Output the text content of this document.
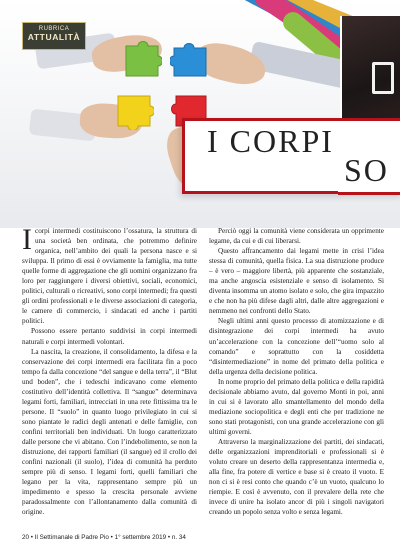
RUBRICA
ATTUALITÀ
I CORPI
SO

Icorpi intermedi costituiscono l’ossatura, la struttura di una società ben ordinata, che potremmo definire organica, nell’ambito dei quali la persona nasce e si sviluppa. Il primo di essi è ovviamente la famiglia, ma tutte quelle forme di aggregazione che gli uomini organizzano fra loro per raggiungere i diversi obiettivi, sociali, economici, politici, culturali o ricreativi, sono corpi intermedi; fra questi gli ordini professionali e le diverse associazioni di categoria, le camere di commercio, i sindacati ed anche i partiti politici.

Possono essere pertanto suddivisi in corpi intermedi naturali e corpi intermedi volontari.

La nascita, la creazione, il consolidamento, la difesa e la conservazione dei corpi intermedi era facilitata fin a poco tempo fa dalla concezione “del sangue e della terra”, il “Blut und boden”, che i tedeschi indicavano come elemento costitutivo dell’identità collettiva. Il “sangue” determinava legami forti, familiari, intrecciati in una rete fittissima tra le persone. Il “suolo” in quanto luogo privilegiato in cui si sono piantate le radici degli antenati e delle famiglie, con confini territoriali ben individuati. Un luogo caratterizzato dalle persone che vi abitano. Con l’indebolimento, se non la distruzione, dei rapporti familiari (il sangue) ed il crollo dei confini nazionali (il suolo), l’idea di comunità ha perduto sempre più di senso. I legami forti, quelli familiari che legano per la vita, rappresentano sempre più un impedimento e spesso la crescita personale avviene paradossalmente con l’allontanamento dalla comunità di origine.

Perciò oggi la comunità viene considerata un opprimente legame, da cui e di cui liberarsi.

Questo affrancamento dai legami mette in crisi l’idea stessa di comunità, quella fisica. La sua distruzione produce – è vero – maggiore libertà, più apparente che sostanziale, ma anche angoscia esistenziale e senso di isolamento. Si diventa insomma un atomo isolato e solo, che gira impazzito e che non ha più difese dagli altri, dalle altre aggregazioni e nemmeno nei confronti dello Stato.

Negli ultimi anni questo processo di atomizzazione e di disintegrazione dei corpi intermedi ha avuto un’accelerazione con la concezione dell’“uomo solo al comando” e soprattutto con la cosiddetta “disintermediazione” in nome del primato della politica e della urgenza della decisione politica.

In nome proprio del primato della politica e della rapidità decisionale abbiamo avuto, dal governo Monti in poi, anni in cui si è lavorato allo smantellamento del mondo della mediazione sociopolitica e degli enti che per tradizione ne sono stati protagonisti, con una grande accelerazione con gli ultimi governi.

Attraverso la marginalizzazione dei partiti, dei sindacati, delle organizzazioni imprenditoriali e professionali si è voluto creare un deserto della rappresentanza intermedia e, alla fine, fra potere di vertice e base si è creato il vuoto. E non ci si è resi conto che quando c’è un vuoto, qualcuno lo riempie. E così è avvenuto, con il prevalere della rete che invece di unire ha isolato ancor di più i singoli navigatori creando un popolo senza volto e senza legami.

20 • Il Settimanale di Padre Pio • 1° settembre 2019 • n. 34
